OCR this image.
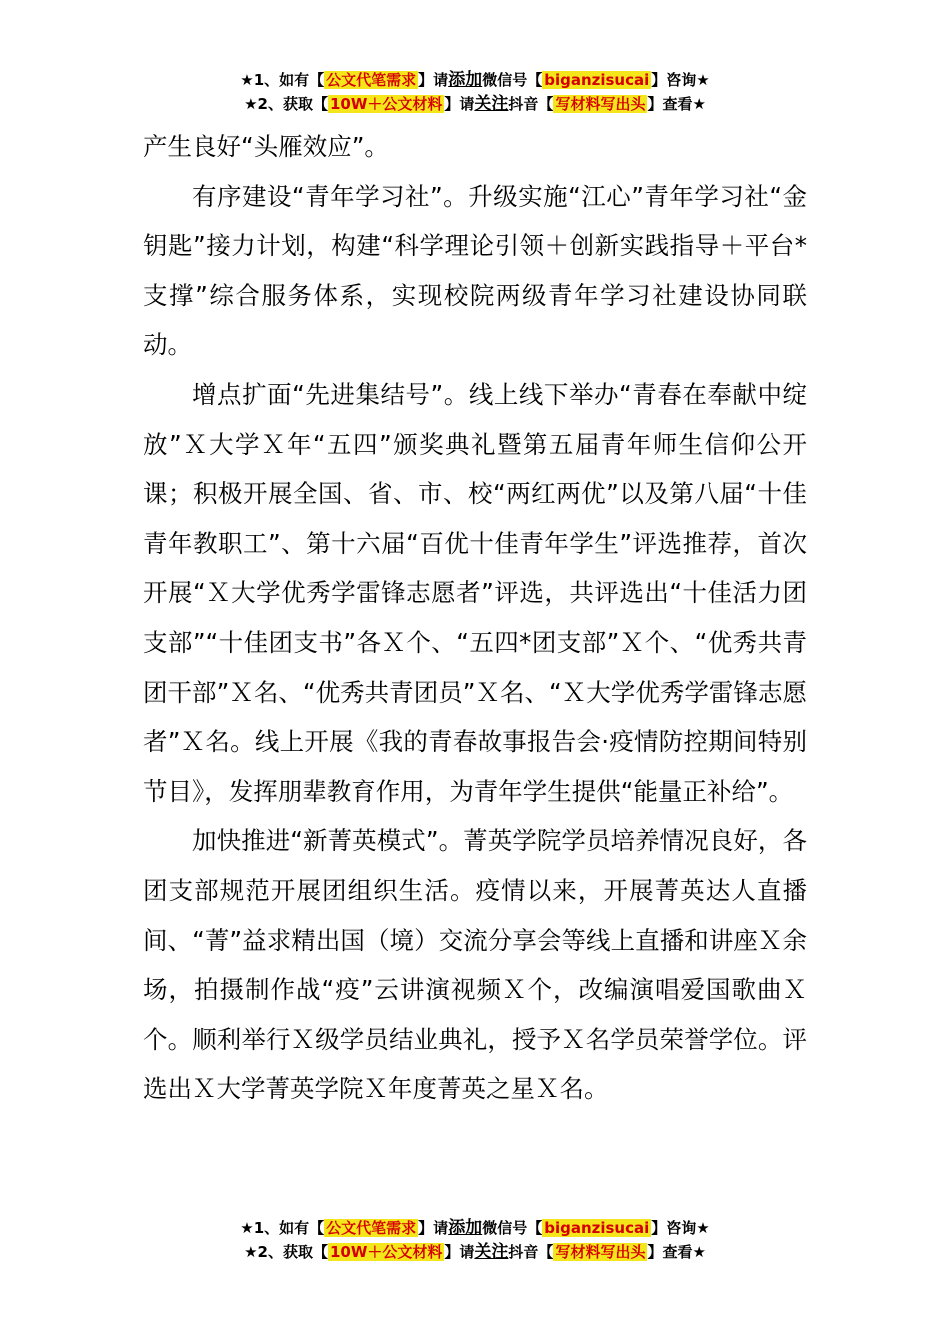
★1、如有【 公文代笔需求 】请添加微信号【 biganzisucai 】咨询★
★2、获取【 10W＋公文材料 】请关注抖音【 写材料写出头 】查看★

产生良好“头雁效应”。

有序建设“青年学习社”。升级实施“江心”青年学习社“金钥匙”接力计划，构建“科学理论引领＋创新实践指导＋平台*支撑”综合服务体系，实现校院两级青年学习社建设协同联动。

增点扩面“先进集结号”。线上线下举办“青春在奉献中绽放”Ｘ大学Ｘ年“五四”颁奖典礼暨第五届青年师生信仰公开课；积极开展全国、省、市、校“两红两优”以及第八届“十佳青年教职工”、第十六届“百优十佳青年学生”评选推荐，首次开展“Ｘ大学优秀学雷锋志愿者”评选，共评选出“十佳活力团支部”“十佳团支书”各Ｘ个、“五四*团支部”Ｘ个、“优秀共青团干部”Ｘ名、“优秀共青团员”Ｘ名、“Ｘ大学优秀学雷锋志愿者”Ｘ名。线上开展《我的青春故事报告会·疫情防控期间特别节目》，发挥朋辈教育作用，为青年学生提供“能量正补给”。

加快推进“新菁英模式”。菁英学院学员培养情况良好，各团支部规范开展团组织生活。疫情以来，开展菁英达人直播间、“菁”益求精出国（境）交流分享会等线上直播和讲座Ｘ余场，拍摄制作战“疫”云讲演视频Ｘ个，改编演唱爱国歌曲Ｘ个。顺利举行Ｘ级学员结业典礼，授予Ｘ名学员荣誉学位。评选出Ｘ大学菁英学院Ｘ年度菁英之星Ｘ名。

★1、如有【 公文代笔需求 】请添加微信号【 biganzisucai 】咨询★
★2、获取【 10W＋公文材料 】请关注抖音【 写材料写出头 】查看★
